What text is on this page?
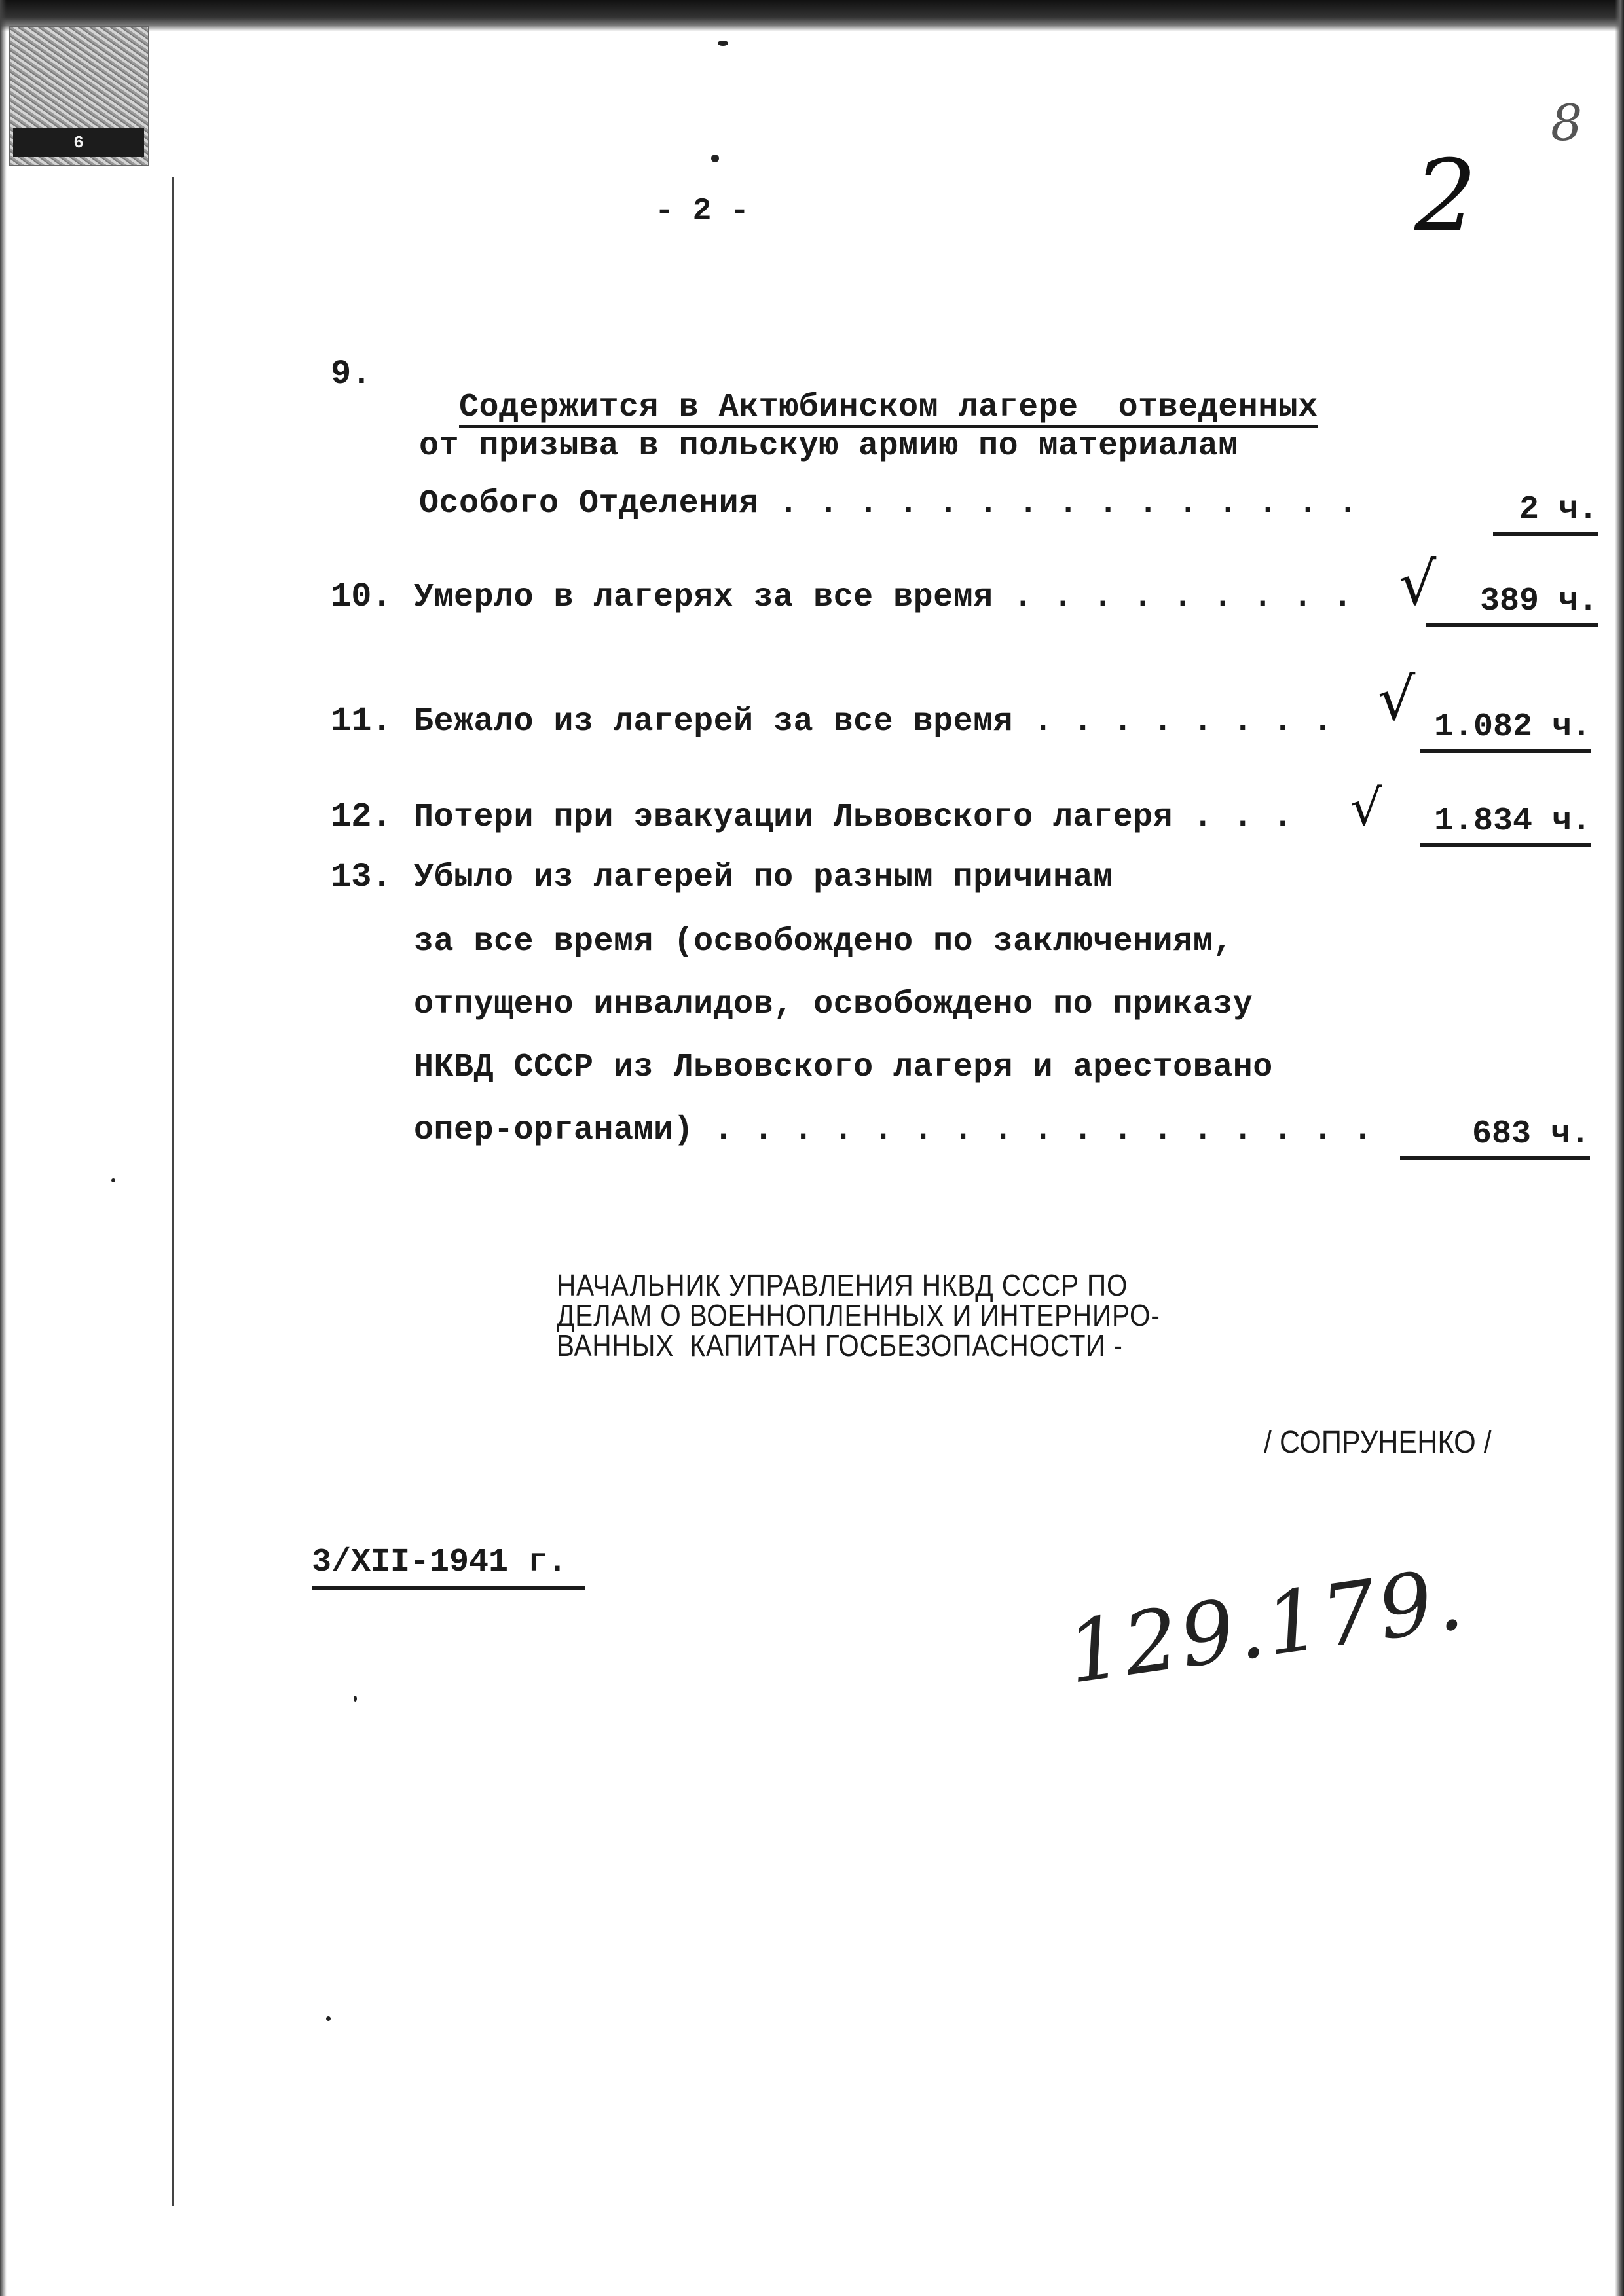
6
- 2 -	2
8
9.

Содержится в Актюбинском лагере  отведенных

от призыва в польскую армию по материалам
Особого Отделения . . . . . . . . . . . . . . .	2 ч.
10. Умерло в лагерях за все время . . . . . . . . . √	389 ч.
11. Бежало из лагерей за все время . . . . . . . . √ 1.082 ч.
12. Потери при эвакуации Львовского лагеря . . . √	1.834 ч.
13. Убыло из лагерей по разным причинам
за все время (освобождено по заключениям,
отпущено инвалидов, освобождено по приказу
НКВД СССР из Львовского лагеря и арестовано
опер-органами) . . . . . . . . . . . . . . . . .	683 ч.
НАЧАЛЬНИК УПРАВЛЕНИЯ НКВД СССР ПО
ДЕЛАМ О ВОЕННОПЛЕННЫХ И ИНТЕРНИРО-
ВАННЫХ  КАПИТАН ГОСБЕЗОПАСНОСТИ -
/ СОПРУНЕНКО /
3/XII-1941 г.	129.179.
